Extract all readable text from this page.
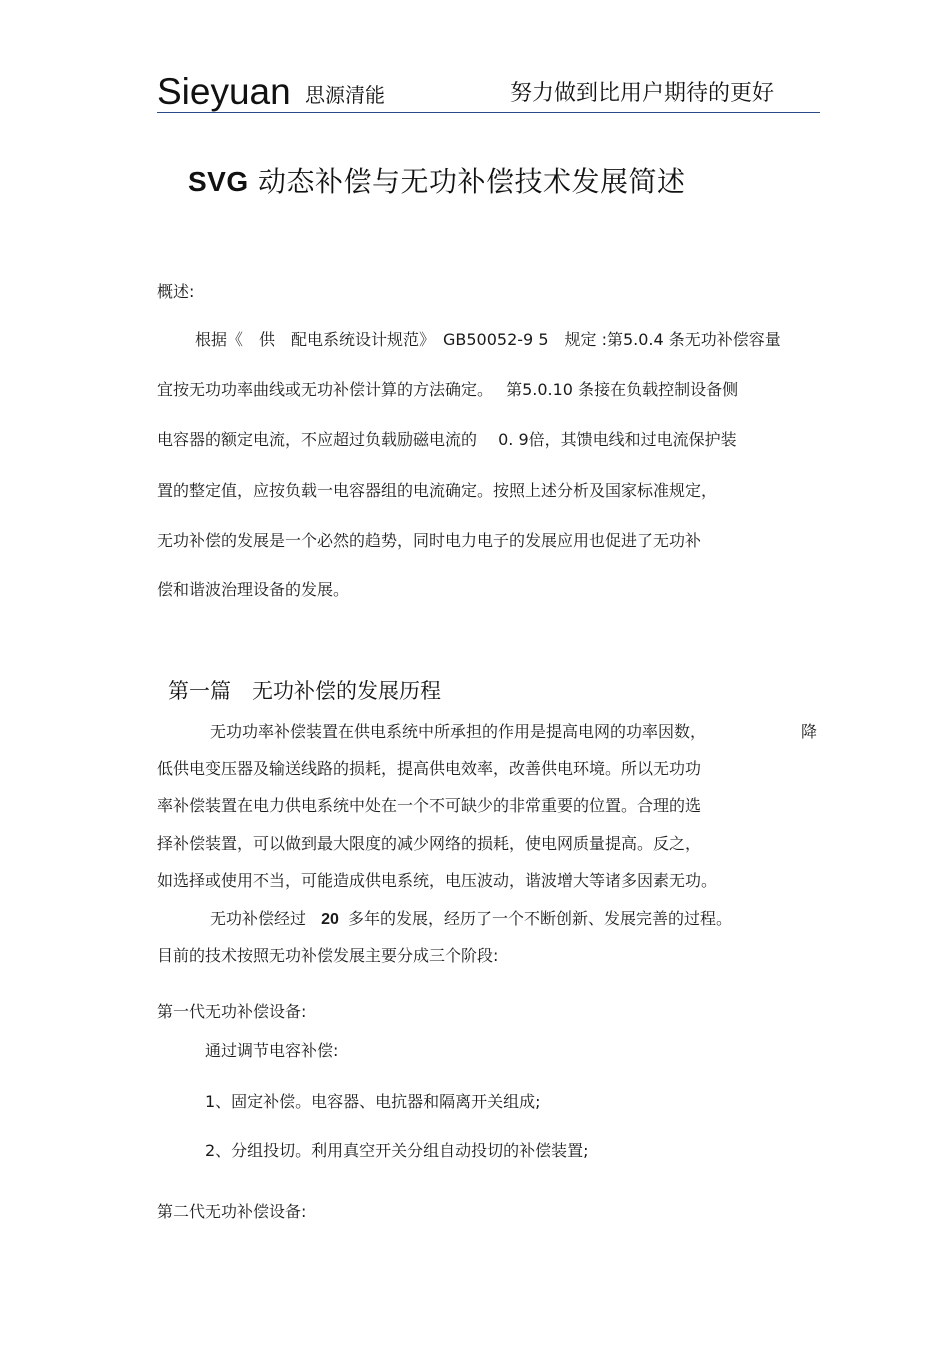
Sieyuan 思源清能	努力做到比用户期待的更好
SVG 动态补偿与无功补偿技术发展简述
概述:
根据《　供　配电系统设计规范》　GB50052-9 5　规定 :第5.0.4 条无功补偿容量
宜按无功功率曲线或无功补偿计算的方法确定。　 第5.0.10 条接在负载控制设备侧
电容器的额定电流，不应超过负载励磁电流的　 0. 9倍，其馈电线和过电流保护装
置的整定值，应按负载一电容器组的电流确定。按照上述分析及国家标准规定，
无功补偿的发展是一个必然的趋势，同时电力电子的发展应用也促进了无功补
偿和谐波治理设备的发展。
第一篇　无功补偿的发展历程
无功功率补偿装置在供电系统中所承担的作用是提高电网的功率因数，	降
低供电变压器及输送线路的损耗，提高供电效率，改善供电环境。所以无功功
率补偿装置在电力供电系统中处在一个不可缺少的非常重要的位置。合理的选
择补偿装置，可以做到最大限度的减少网络的损耗，使电网质量提高。反之，
如选择或使用不当，可能造成供电系统，电压波动，谐波增大等诸多因素无功。
无功补偿经过 20 多年的发展，经历了一个不断创新、发展完善的过程。
目前的技术按照无功补偿发展主要分成三个阶段:
第一代无功补偿设备:
通过调节电容补偿:
1、固定补偿。电容器、电抗器和隔离开关组成;
2、分组投切。利用真空开关分组自动投切的补偿装置;
第二代无功补偿设备:
